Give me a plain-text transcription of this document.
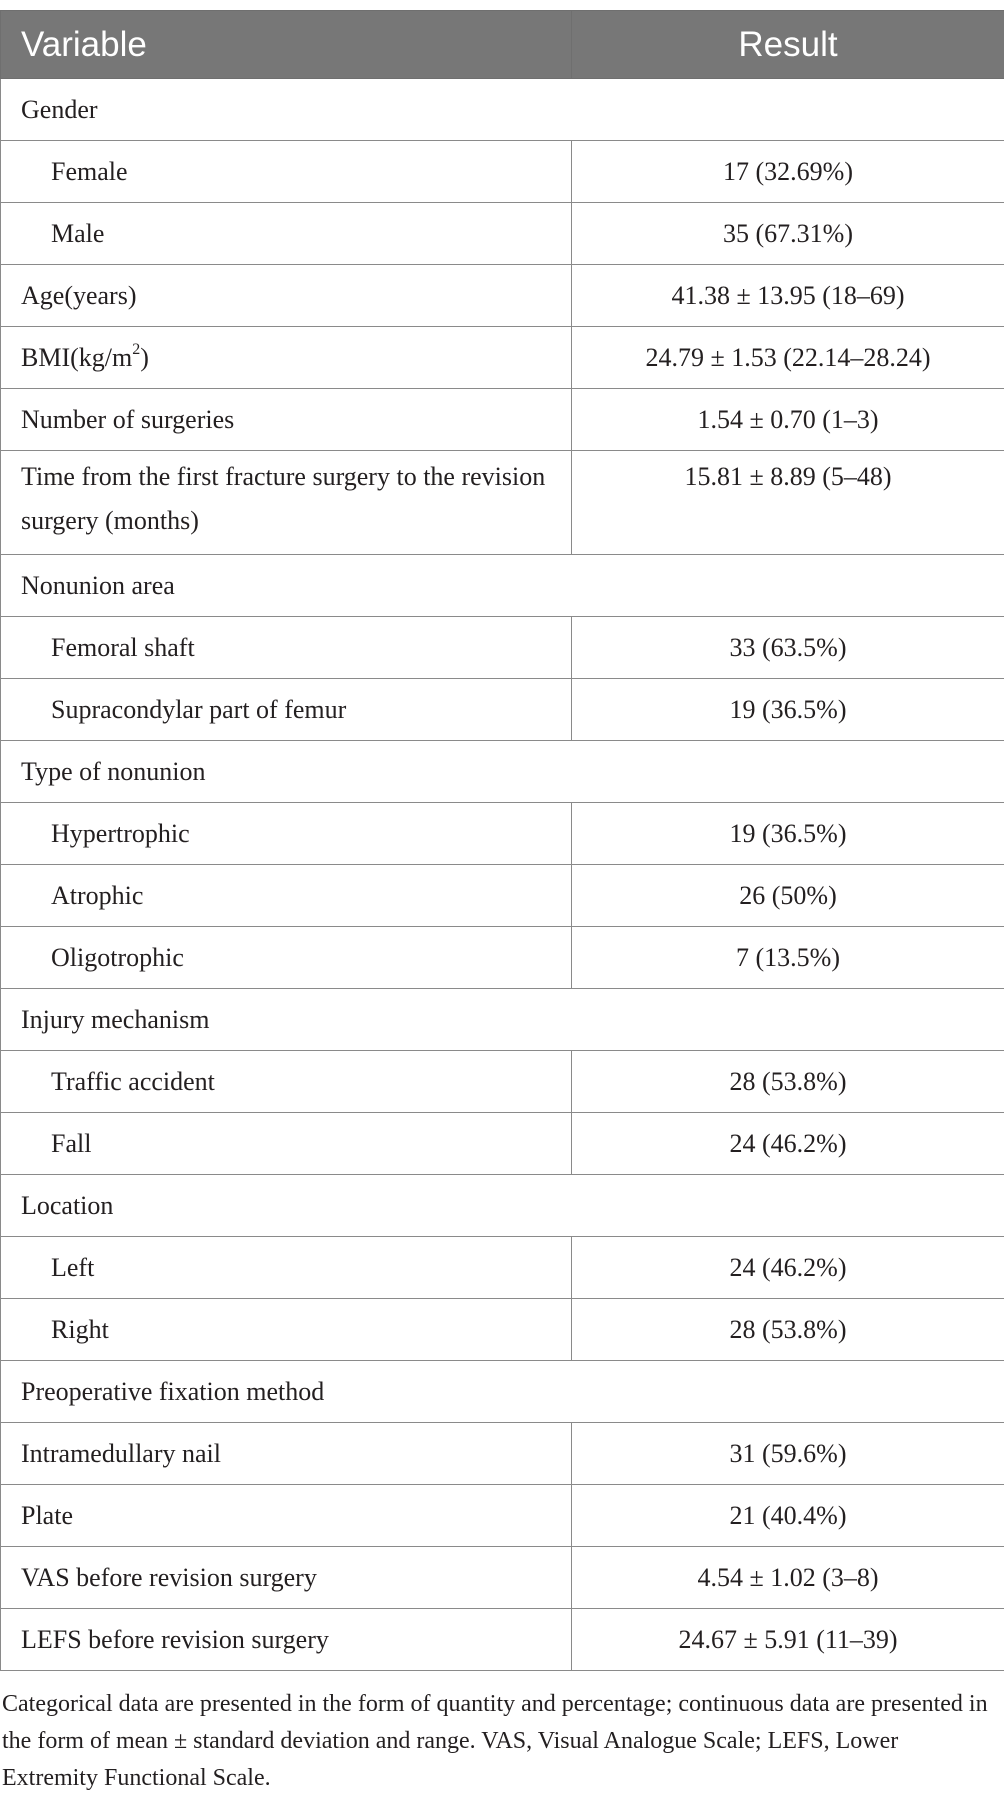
Variable	Result
Gender	
Female	17 (32.69%)
Male	35 (67.31%)
Age(years)	41.38 ± 13.95 (18–69)
$BMI(kg/m^2)$	24.79 ± 1.53 (22.14–28.24)
Number of surgeries	1.54 ± 0.70 (1–3)
Time from the first fracture surgery to the revision surgery (months)	15.81 ± 8.89 (5–48)
Nonunion area	
Femoral shaft	33 (63.5%)
Supracondylar part of femur	19 (36.5%)
Type of nonunion	
Hypertrophic	19 (36.5%)
Atrophic	26 (50%)
Oligotrophic	7 (13.5%)
Injury mechanism	
Traffic accident	28 (53.8%)
Fall	24 (46.2%)
Location	
Left	24 (46.2%)
Right	28 (53.8%)
Preoperative fixation method	
Intramedullary nail	31 (59.6%)
Plate	21 (40.4%)
VAS before revision surgery	4.54 ± 1.02 (3–8)
LEFS before revision surgery	24.67 ± 5.91 (11–39)

Categorical data are presented in the form of quantity and percentage; continuous data are presented in the form of mean ± standard deviation and range. VAS, Visual Analogue Scale; LEFS, Lower Extremity Functional Scale.
